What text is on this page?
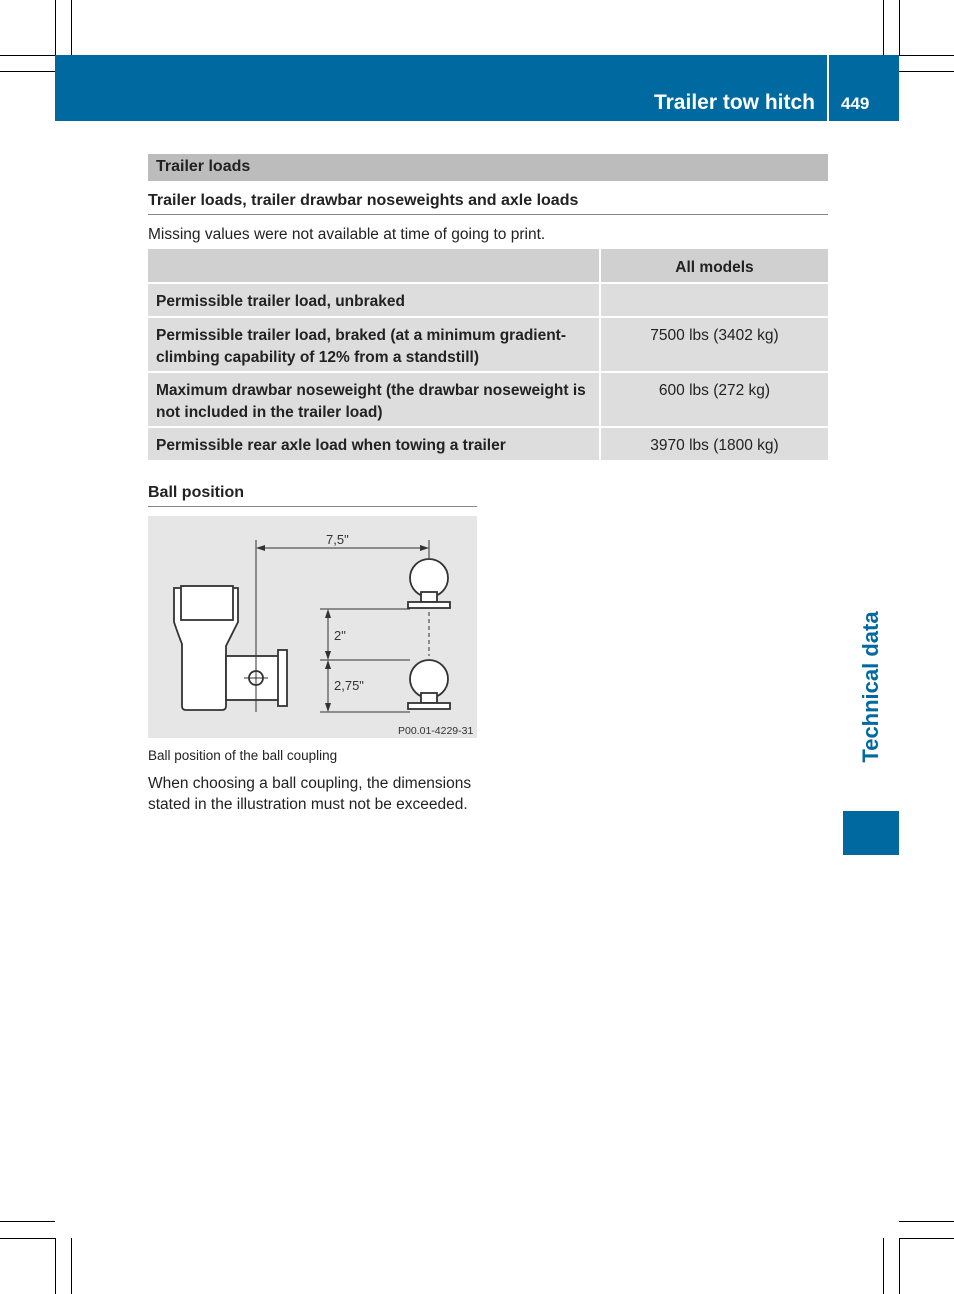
Trailer tow hitch 449
Technical data
Trailer loads
Trailer loads, trailer drawbar noseweights and axle loads
Missing values were not available at time of going to print.
All models
Permissible trailer load, unbraked
Permissible trailer load, braked (at a minimum gradient-climbing capability of 12% from a standstill)
7500 lbs (3402 kg)
Maximum drawbar noseweight (the drawbar noseweight is not included in the trailer load)
600 lbs (272 kg)
Permissible rear axle load when towing a trailer	3970 lbs (1800 kg)
Ball position
7,5"
2"
2,75"
P00.01-4229-31
Ball position of the ball coupling
When choosing a ball coupling, the dimensions stated in the illustration must not be exceeded.
